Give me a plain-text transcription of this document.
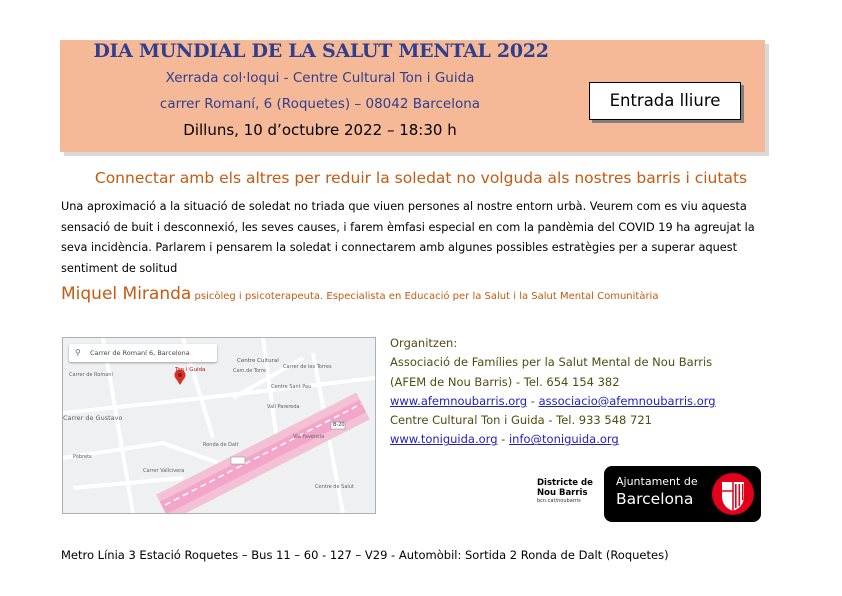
DIA MUNDIAL DE LA SALUT MENTAL 2022
Xerrada col·loqui - Centre Cultural Ton i Guida
carrer Romaní, 6 (Roquetes) – 08042 Barcelona
Dilluns, 10 d’octubre 2022 – 18:30 h
Entrada lliure
Connectar amb els altres per reduir la soledat no volguda als nostres barris i ciutats
Una aproximació a la situació de soledat no triada que viuen persones al nostre entorn urbà. Veurem com es viu aquesta sensació de buit i desconnexió, les seves causes, i farem èmfasi especial en com la pandèmia del COVID 19 ha agreujat la seva incidència. Parlarem i pensarem la soledat i connectarem amb algunes possibles estratègies per a superar aquest sentiment de solitud
Miquel Miranda psicòleg i psicoterapeuta. Especialista en Educació per la Salut i la Salut Mental Comunitària
⚲ Carrer de Romaní 6, Barcelona
Ton i Guida
Centre Cultural
Carrer de Romaní
Cam.de Torre
Centre Sant Pau
Carrer de les Torres
Carrer de Gustavo
Vall Parereda
Via Favència
Ronda de Dalt
B-20
Pobrets
Carrer Vallcivera
Centre de Salut
Organitzen:
Associació de Famílies per la Salut Mental de Nou Barris
(AFEM de Nou Barris) - Tel. 654 154 382
www.afemnoubarris.org - associacio@afemnoubarris.org
Centre Cultural Ton i Guida - Tel. 933 548 721
www.toniguida.org - info@toniguida.org
Districte de
Nou Barris
bcn.cat/noubarris
Ajuntament de
Barcelona
Metro Línia 3 Estació Roquetes – Bus 11 – 60 - 127 – V29 - Automòbil: Sortida 2 Ronda de Dalt (Roquetes)
